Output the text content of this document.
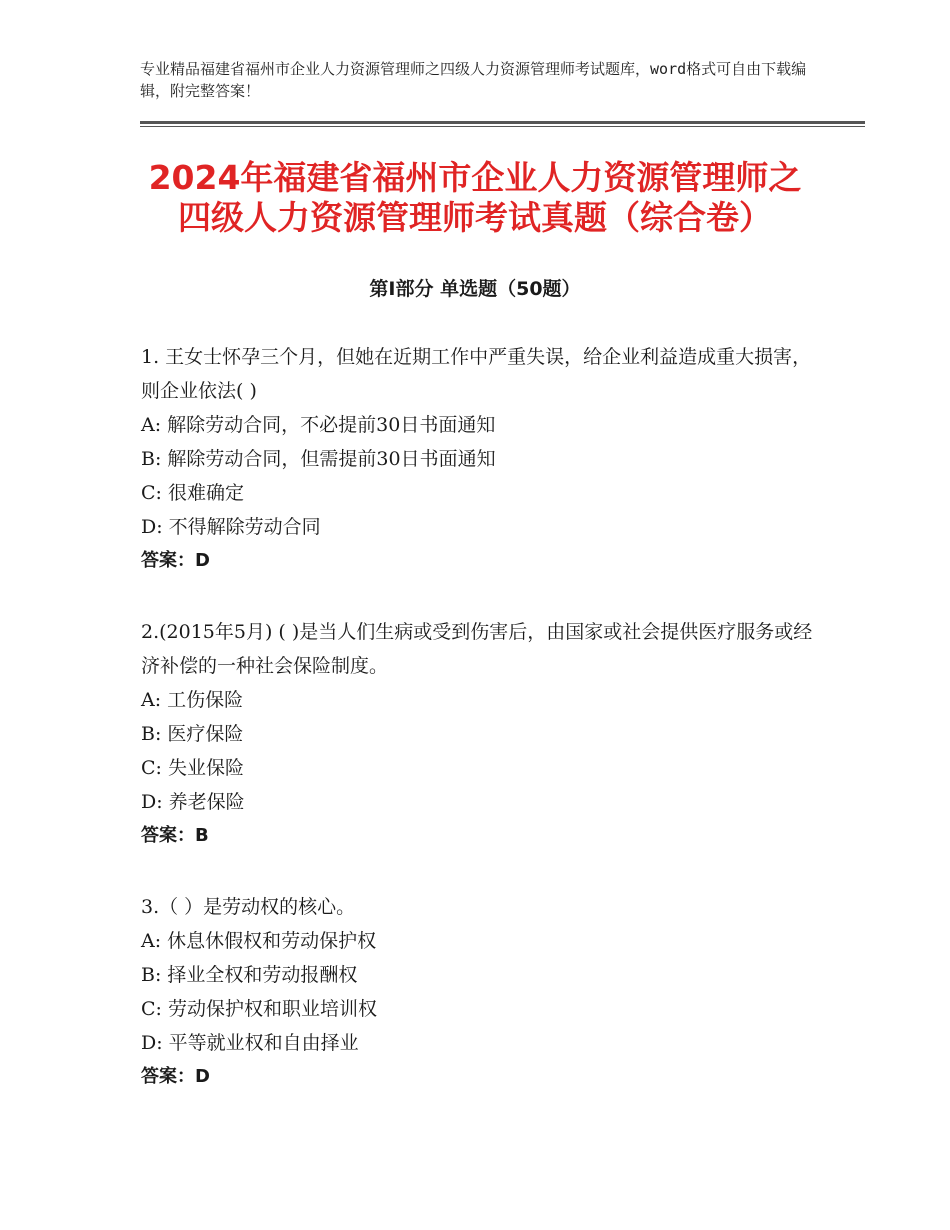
专业精品福建省福州市企业人力资源管理师之四级人力资源管理师考试题库，word格式可自由下载编辑，附完整答案！
2024年福建省福州市企业人力资源管理师之
四级人力资源管理师考试真题（综合卷）
第Ⅰ部分 单选题（50题）
1. 王女士怀孕三个月，但她在近期工作中严重失误，给企业利益造成重大损害，则企业依法( )
A: 解除劳动合同，不必提前30日书面通知
B: 解除劳动合同，但需提前30日书面通知
C: 很难确定
D: 不得解除劳动合同
答案：D
2.(2015年5月) ( )是当人们生病或受到伤害后，由国家或社会提供医疗服务或经济补偿的一种社会保险制度。
A: 工伤保险
B: 医疗保险
C: 失业保险
D: 养老保险
答案：B
3.（ ）是劳动权的核心。
A: 休息休假权和劳动保护权
B: 择业全权和劳动报酬权
C: 劳动保护权和职业培训权
D: 平等就业权和自由择业
答案：D
